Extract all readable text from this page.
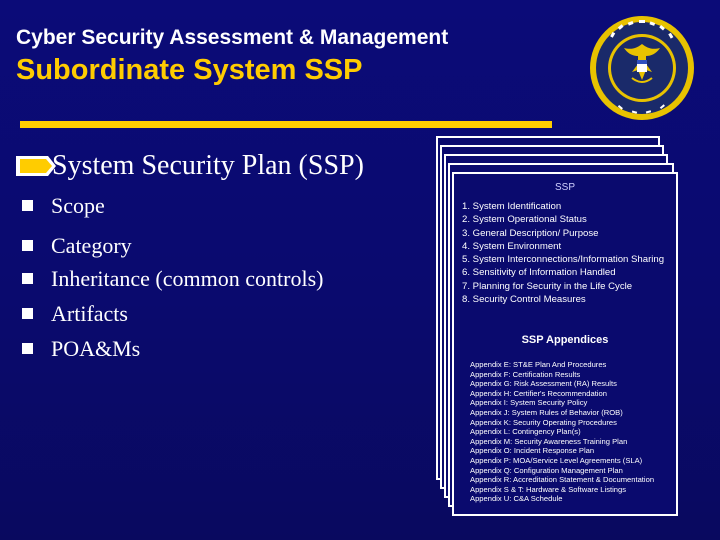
Cyber Security Assessment & Management
Subordinate System SSP
System Security Plan (SSP)
Scope
Category
Inheritance (common controls)
Artifacts
POA&Ms
SSP
1. System Identification
2. System Operational Status
3. General Description/ Purpose
4. System Environment
5. System Interconnections/Information Sharing
6. Sensitivity of Information Handled
7. Planning for Security in the Life Cycle
8. Security Control Measures
SSP Appendices
Appendix E: ST&E Plan And Procedures
Appendix F: Certification Results
Appendix G: Risk Assessment (RA) Results
Appendix H: Certifier's Recommendation
Appendix I: System Security Policy
Appendix J: System Rules of Behavior (ROB)
Appendix K: Security Operating Procedures
Appendix L: Contingency Plan(s)
Appendix M: Security Awareness Training Plan
Appendix O: Incident Response Plan
Appendix P: MOA/Service Level Agreements (SLA)
Appendix Q: Configuration Management Plan
Appendix R: Accreditation Statement & Documentation
Appendix S & T: Hardware & Software Listings
Appendix U: C&A Schedule
